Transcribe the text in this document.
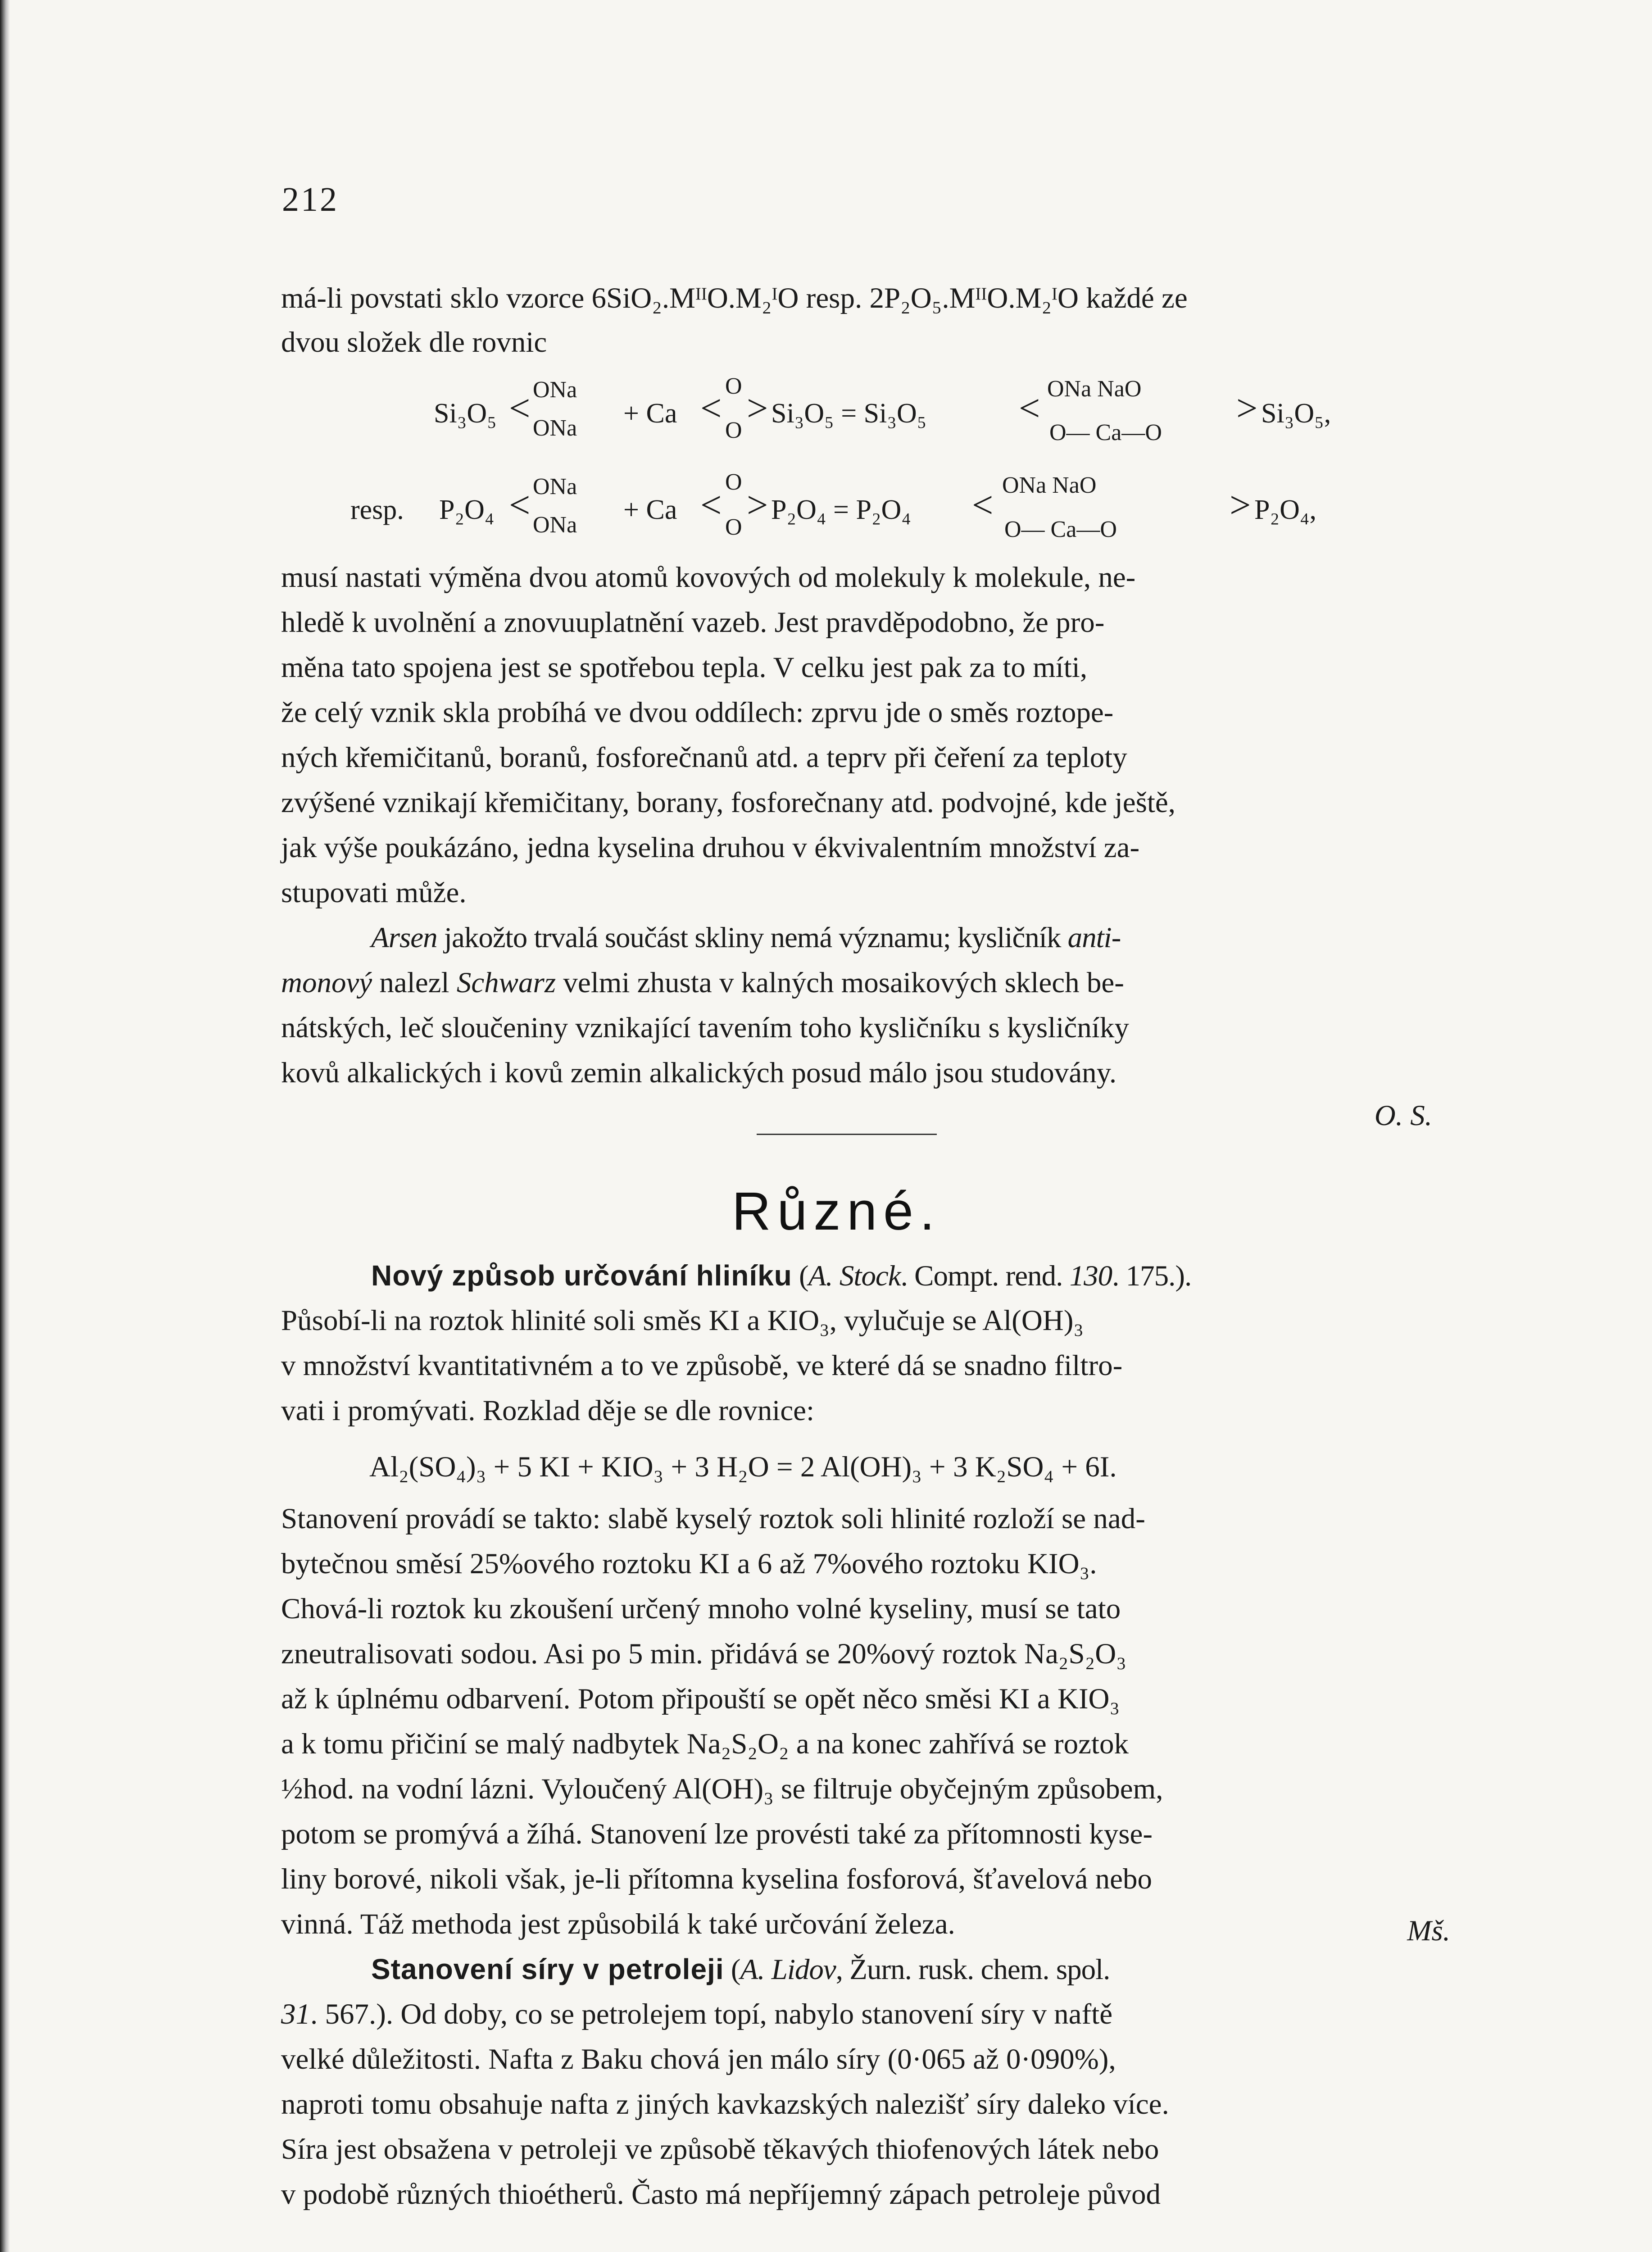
212
má-li povstati sklo vzorce 6SiO₂.MᴵᴵO.M₂ᴵO resp. 2P₂O₅.MᴵᴵO.M₂ᴵO každé ze
dvou složek dle rovnic
Si₃O₅ < ONa
ONa + Ca <
O
O
> Si₃O₅ = Si₃O₅ < ONa NaO
O— Ca—O
> Si₃O₅,
resp. P₂O₄ < ONa
ONa + Ca <
O
O
> P₂O₄ = P₂O₄ < ONa NaO
O— Ca—O
> P₂O₄,
musí nastati výměna dvou atomů kovových od molekuly k molekule, ne-
hledě k uvolnění a znovuuplatnění vazeb. Jest pravděpodobno, že pro-
měna tato spojena jest se spotřebou tepla. V celku jest pak za to míti,
že celý vznik skla probíhá ve dvou oddílech: zprvu jde o směs roztope-
ných křemičitanů, boranů, fosforečnanů atd. a teprv při čeření za teploty
zvýšené vznikají křemičitany, borany, fosforečnany atd. podvojné, kde ještě,
jak výše poukázáno, jedna kyselina druhou v ékvivalentním množství za-
stupovati může.
Arsen jakožto trvalá součást skliny nemá významu; kysličník anti-
monový nalezl Schwarz velmi zhusta v kalných mosaikových sklech be-
nátských, leč sloučeniny vznikající tavením toho kysličníku s kysličníky
kovů alkalických i kovů zemin alkalických posud málo jsou studovány.
O. S.
Různé.
Nový způsob určování hliníku (A. Stock. Compt. rend. 130. 175.).
Působí-li na roztok hlinité soli směs KI a KIO₃, vylučuje se Al(OH)₃
v množství kvantitativném a to ve způsobě, ve které dá se snadno filtro-
vati i promývati. Rozklad děje se dle rovnice:
Al₂(SO₄)₃ + 5 KI + KIO₃ + 3 H₂O = 2 Al(OH)₃ + 3 K₂SO₄ + 6I.
Stanovení provádí se takto: slabě kyselý roztok soli hlinité rozloží se nad-
bytečnou směsí 25%ového roztoku KI a 6 až 7%ového roztoku KIO₃.
Chová-li roztok ku zkoušení určený mnoho volné kyseliny, musí se tato
zneutralisovati sodou. Asi po 5 min. přidává se 20%ový roztok Na₂S₂O₃
až k úplnému odbarvení. Potom připouští se opět něco směsi KI a KIO₃
a k tomu přičiní se malý nadbytek Na₂S₂O₂ a na konec zahřívá se roztok
½hod. na vodní lázni. Vyloučený Al(OH)₃ se filtruje obyčejným způsobem,
potom se promývá a žíhá. Stanovení lze provésti také za přítomnosti kyse-
liny borové, nikoli však, je-li přítomna kyselina fosforová, šťavelová nebo
vinná. Táž methoda jest způsobilá k také určování železa.	Mš.
Stanovení síry v petroleji (A. Lidov, Žurn. rusk. chem. spol.
31. 567.). Od doby, co se petrolejem topí, nabylo stanovení síry v naftě
velké důležitosti. Nafta z Baku chová jen málo síry (0·065 až 0·090%),
naproti tomu obsahuje nafta z jiných kavkazských nalezišť síry daleko více.
Síra jest obsažena v petroleji ve způsobě těkavých thiofenových látek nebo
v podobě různých thioétherů. Často má nepříjemný zápach petroleje původ
